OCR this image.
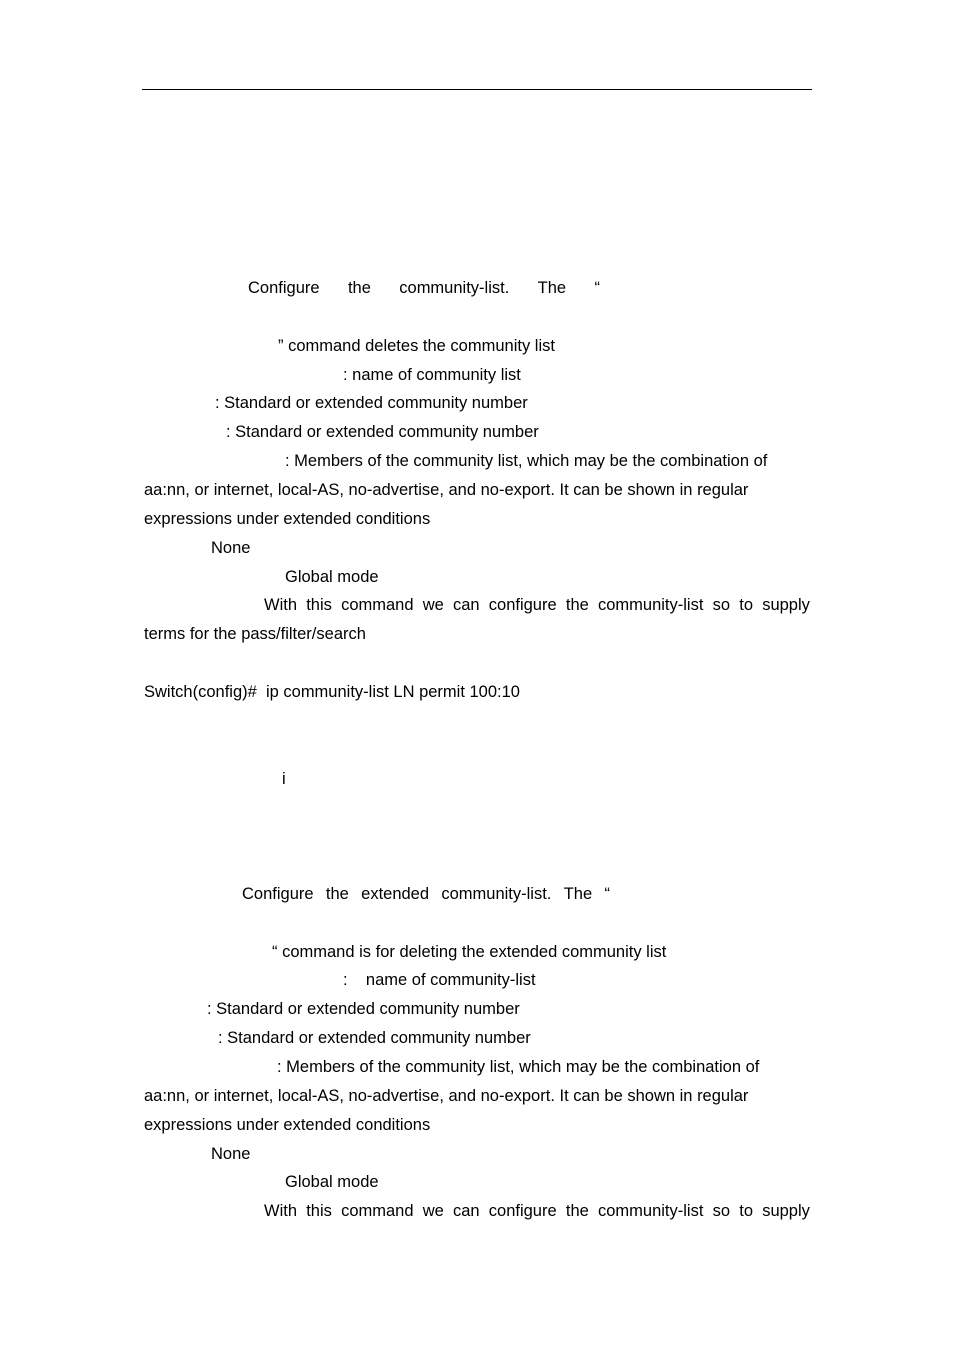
Configure the community-list. The “
” command deletes the community list
: name of community list
: Standard or extended community number
: Standard or extended community number
: Members of the community list, which may be the combination of
aa:nn, or internet, local-AS, no-advertise, and no-export. It can be shown in regular
expressions under extended conditions
None
Global mode
With this command we can configure the community-list so to supply
terms for the pass/filter/search
Switch(config)#  ip community-list LN permit 100:10
i
Configure the extended community-list. The “
“ command is for deleting the extended community list
:    name of community-list
: Standard or extended community number
: Standard or extended community number
: Members of the community list, which may be the combination of
aa:nn, or internet, local-AS, no-advertise, and no-export. It can be shown in regular
expressions under extended conditions
None
Global mode
With this command we can configure the community-list so to supply
